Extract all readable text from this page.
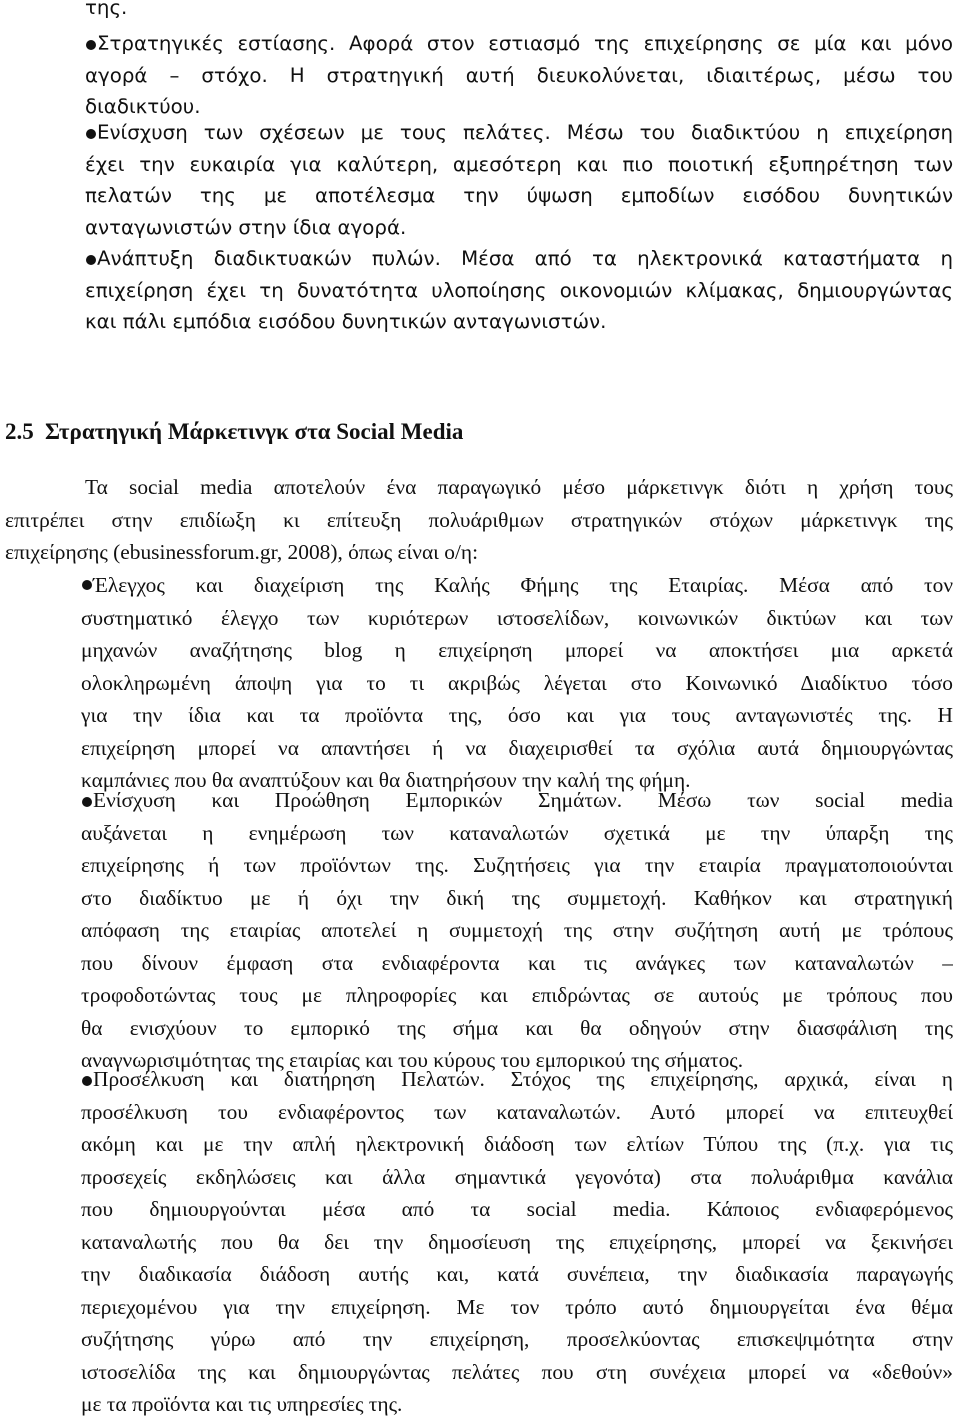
της.
Στρατηγικές εστίασης. Αφορά στον εστιασμό της επιχείρησης σε μία και μόνο
αγορά – στόχο. Η στρατηγική αυτή διευκολύνεται, ιδιαιτέρως, μέσω του
διαδικτύου.
Ενίσχυση των σχέσεων με τους πελάτες. Μέσω του διαδικτύου η επιχείρηση
έχει την ευκαιρία για καλύτερη, αμεσότερη και πιο ποιοτική εξυπηρέτηση των
πελατών της με αποτέλεσμα την ύψωση εμποδίων εισόδου δυνητικών
ανταγωνιστών στην ίδια αγορά.
Ανάπτυξη διαδικτυακών πυλών. Μέσα από τα ηλεκτρονικά καταστήματα η
επιχείρηση έχει τη δυνατότητα υλοποίησης οικονομιών κλίμακας, δημιουργώντας
και πάλι εμπόδια εισόδου δυνητικών ανταγωνιστών.
2.5 Στρατηγική Μάρκετινγκ στα Social Media
Τα social media αποτελούν ένα παραγωγικό μέσο μάρκετινγκ διότι η χρήση τους
επιτρέπει στην επιδίωξη κι επίτευξη πολυάριθμων στρατηγικών στόχων μάρκετινγκ της
επιχείρησης (ebusinessforum.gr, 2008), όπως είναι ο/η:
Έλεγχος και διαχείριση της Καλής Φήμης της Εταιρίας. Μέσα από τον
συστηματικό έλεγχο των κυριότερων ιστοσελίδων, κοινωνικών δικτύων και των
μηχανών αναζήτησης blog η επιχείρηση μπορεί να αποκτήσει μια αρκετά
ολοκληρωμένη άποψη για το τι ακριβώς λέγεται στο Κοινωνικό Διαδίκτυο τόσο
για την ίδια και τα προϊόντα της, όσο και για τους ανταγωνιστές της. Η
επιχείρηση μπορεί να απαντήσει ή να διαχειρισθεί τα σχόλια αυτά δημιουργώντας
καμπάνιες που θα αναπτύξουν και θα διατηρήσουν την καλή της φήμη.
Ενίσχυση και Προώθηση Εμπορικών Σημάτων. Μέσω των social media
αυξάνεται η ενημέρωση των καταναλωτών σχετικά με την ύπαρξη της
επιχείρησης ή των προϊόντων της. Συζητήσεις για την εταιρία πραγματοποιούνται
στο διαδίκτυο με ή όχι την δική της συμμετοχή. Καθήκον και στρατηγική
απόφαση της εταιρίας αποτελεί η συμμετοχή της στην συζήτηση αυτή με τρόπους
που δίνουν έμφαση στα ενδιαφέροντα και τις ανάγκες των καταναλωτών –
τροφοδοτώντας τους με πληροφορίες και επιδρώντας σε αυτούς με τρόπους που
θα ενισχύουν το εμπορικό της σήμα και θα οδηγούν στην διασφάλιση της
αναγνωρισιμότητας της εταιρίας και του κύρους του εμπορικού της σήματος.
Προσέλκυση και διατήρηση Πελατών. Στόχος της επιχείρησης, αρχικά, είναι η
προσέλκυση του ενδιαφέροντος των καταναλωτών. Αυτό μπορεί να επιτευχθεί
ακόμη και με την απλή ηλεκτρονική διάδοση των ελτίων Τύπου της (π.χ. για τις
προσεχείς εκδηλώσεις και άλλα σημαντικά γεγονότα) στα πολυάριθμα κανάλια
που δημιουργούνται μέσα από τα social media. Κάποιος ενδιαφερόμενος
καταναλωτής που θα δει την δημοσίευση της επιχείρησης, μπορεί να ξεκινήσει
την διαδικασία διάδοση αυτής και, κατά συνέπεια, την διαδικασία παραγωγής
περιεχομένου για την επιχείρηση. Με τον τρόπο αυτό δημιουργείται ένα θέμα
συζήτησης γύρω από την επιχείρηση, προσελκύοντας επισκεψιμότητα στην
ιστοσελίδα της και δημιουργώντας πελάτες που στη συνέχεια μπορεί να «δεθούν»
με τα προϊόντα και τις υπηρεσίες της.
